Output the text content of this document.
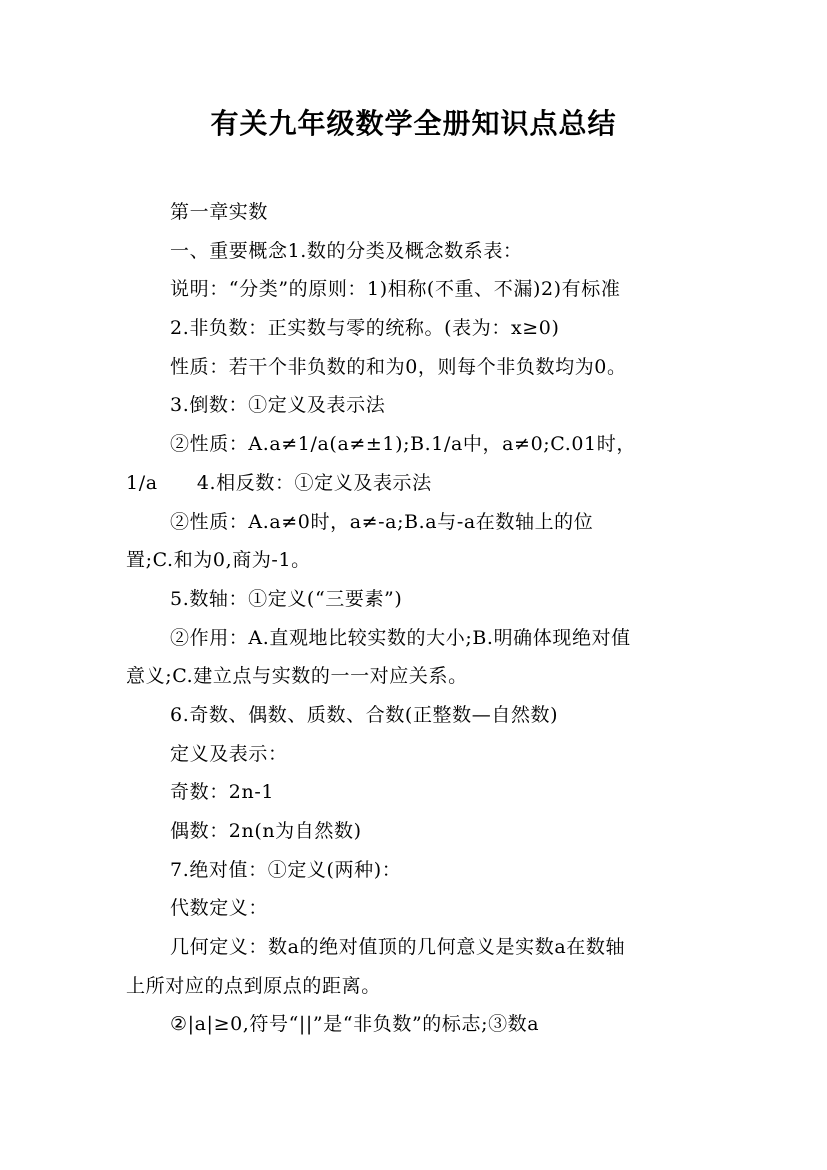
有关九年级数学全册知识点总结
第一章实数
一、重要概念1.数的分类及概念数系表：
说明：“分类”的原则：1)相称(不重、不漏)2)有标准
2.非负数：正实数与零的统称。(表为：x≥0)
性质：若干个非负数的和为0，则每个非负数均为0。
3.倒数：①定义及表示法
②性质：A.a≠1/a(a≠±1);B.1/a中，a≠0;C.01时，
1/a　　4.相反数：①定义及表示法
②性质：A.a≠0时，a≠-a;B.a与-a在数轴上的位
置;C.和为0,商为-1。
5.数轴：①定义(“三要素”)
②作用：A.直观地比较实数的大小;B.明确体现绝对值
意义;C.建立点与实数的一一对应关系。
6.奇数、偶数、质数、合数(正整数—自然数)
定义及表示：
奇数：2n-1
偶数：2n(n为自然数)
7.绝对值：①定义(两种)：
代数定义：
几何定义：数a的绝对值顶的几何意义是实数a在数轴
上所对应的点到原点的距离。
②|a|≥0,符号“||”是“非负数”的标志;③数a
